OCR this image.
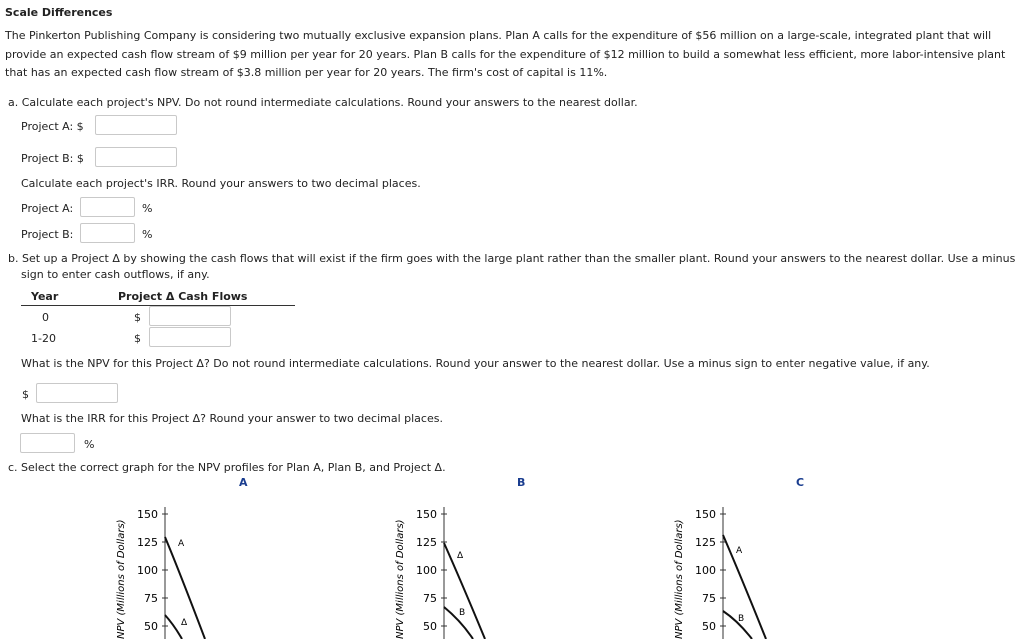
Scale Differences
The Pinkerton Publishing Company is considering two mutually exclusive expansion plans. Plan A calls for the expenditure of $56 million on a large-scale, integrated plant that will provide an expected cash flow stream of $9 million per year for 20 years. Plan B calls for the expenditure of $12 million to build a somewhat less efficient, more labor-intensive plant that has an expected cash flow stream of $3.8 million per year for 20 years. The firm's cost of capital is 11%.
a. Calculate each project's NPV. Do not round intermediate calculations. Round your answers to the nearest dollar.
Project A: $
Project B: $
Calculate each project's IRR. Round your answers to two decimal places.
Project A:	%
Project B:	%
b. Set up a Project Δ by showing the cash flows that will exist if the firm goes with the large plant rather than the smaller plant. Round your answers to the nearest dollar. Use a minus
sign to enter cash outflows, if any.
Year	Project Δ Cash Flows
0	$
1-20	$
What is the NPV for this Project Δ? Do not round intermediate calculations. Round your answer to the nearest dollar. Use a minus sign to enter negative value, if any.
$
What is the IRR for this Project Δ? Round your answer to two decimal places.
%
c. Select the correct graph for the NPV profiles for Plan A, Plan B, and Project Δ.
A	B	C
NPV (Millions of Dollars)
150
125
100
75
50
A
Δ	NPV (Millions of Dollars)
150
125
100
75
50
Δ
B	NPV (Millions of Dollars)
150
125
100
75
50
A
B
